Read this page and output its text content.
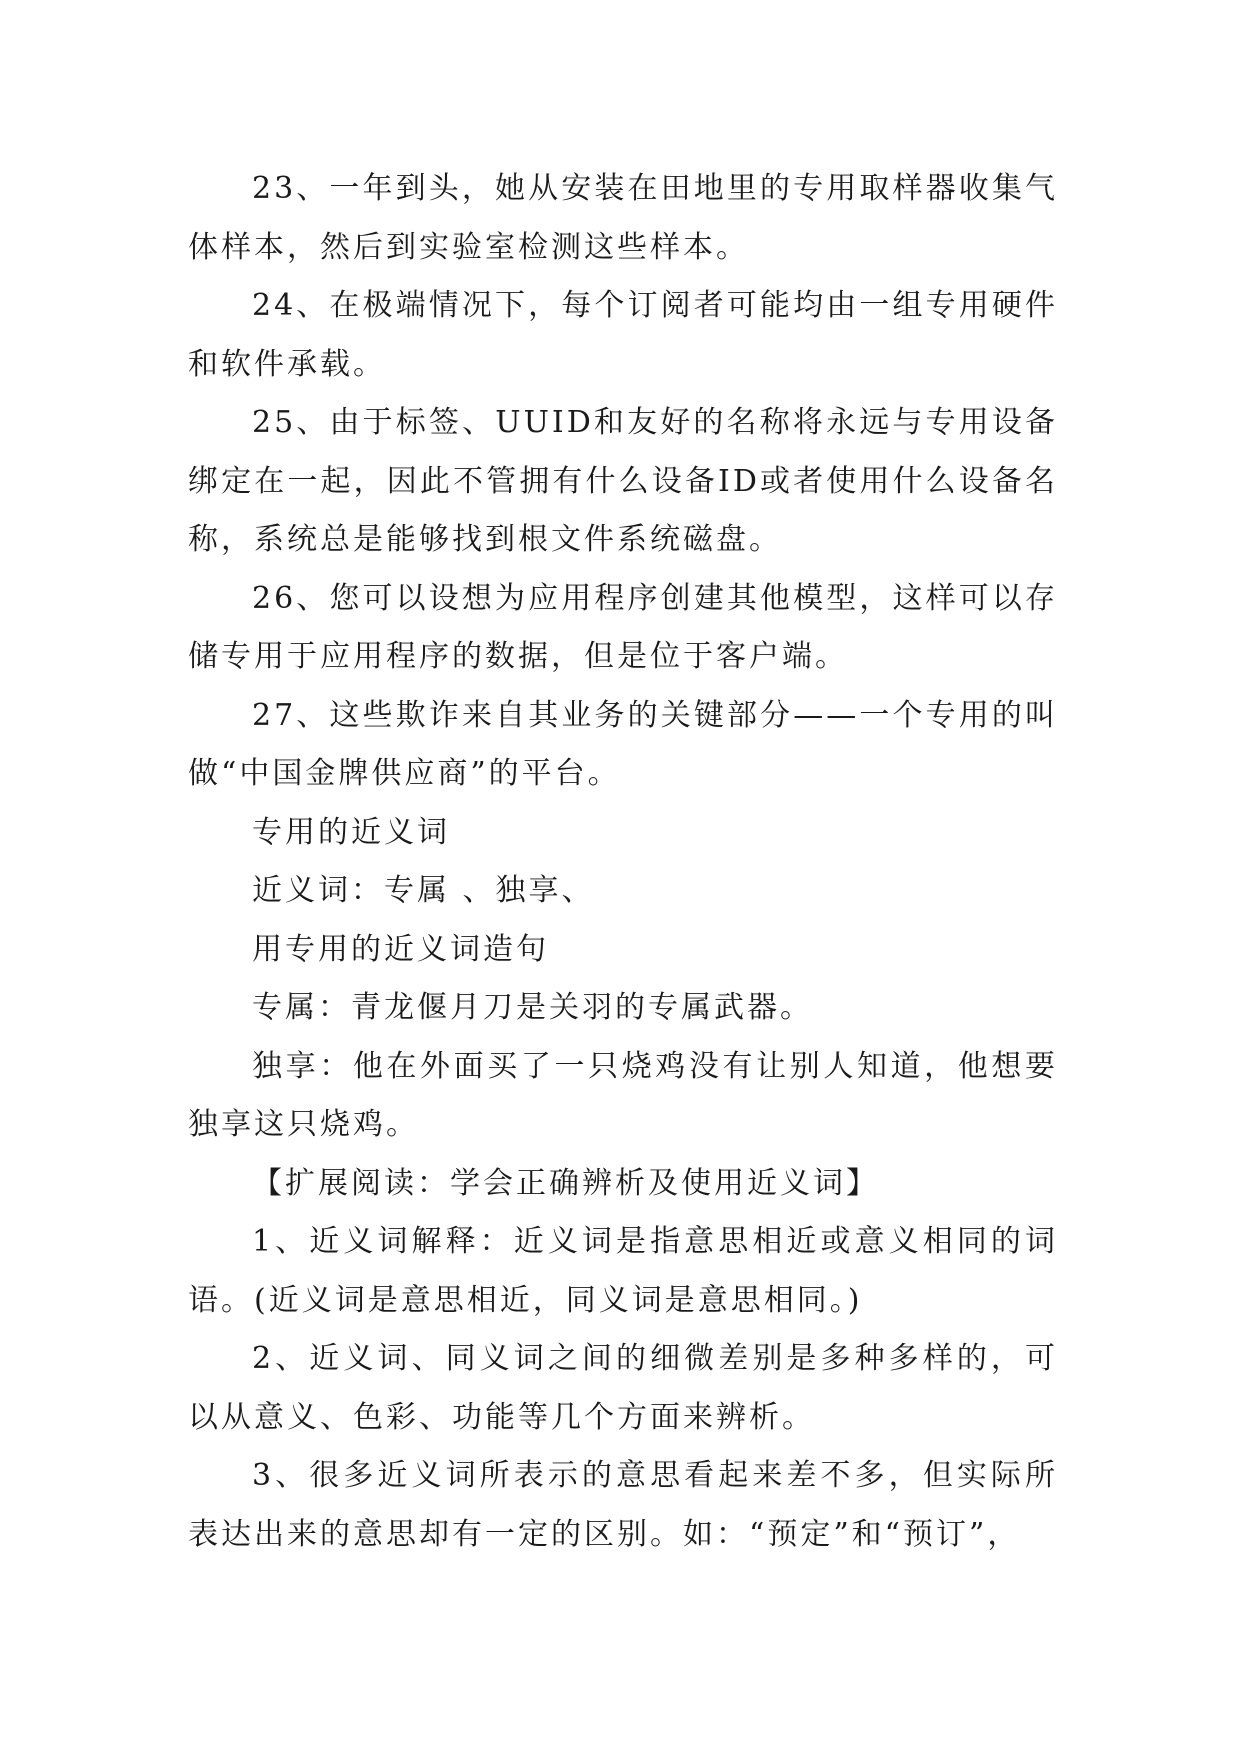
23、一年到头，她从安装在田地里的专用取样器收集气体样本，然后到实验室检测这些样本。

24、在极端情况下，每个订阅者可能均由一组专用硬件和软件承载。

25、由于标签、UUID和友好的名称将永远与专用设备绑定在一起，因此不管拥有什么设备ID或者使用什么设备名称，系统总是能够找到根文件系统磁盘。

26、您可以设想为应用程序创建其他模型，这样可以存储专用于应用程序的数据，但是位于客户端。

27、这些欺诈来自其业务的关键部分——一个专用的叫做“中国金牌供应商”的平台。

专用的近义词

近义词：专属 、独享、

用专用的近义词造句

专属：青龙偃月刀是关羽的专属武器。

独享：他在外面买了一只烧鸡没有让别人知道，他想要独享这只烧鸡。

【扩展阅读：学会正确辨析及使用近义词】

1、近义词解释：近义词是指意思相近或意义相同的词语。(近义词是意思相近，同义词是意思相同。)

2、近义词、同义词之间的细微差别是多种多样的，可以从意义、色彩、功能等几个方面来辨析。

3、很多近义词所表示的意思看起来差不多，但实际所表达出来的意思却有一定的区别。如：“预定”和“预订”，
